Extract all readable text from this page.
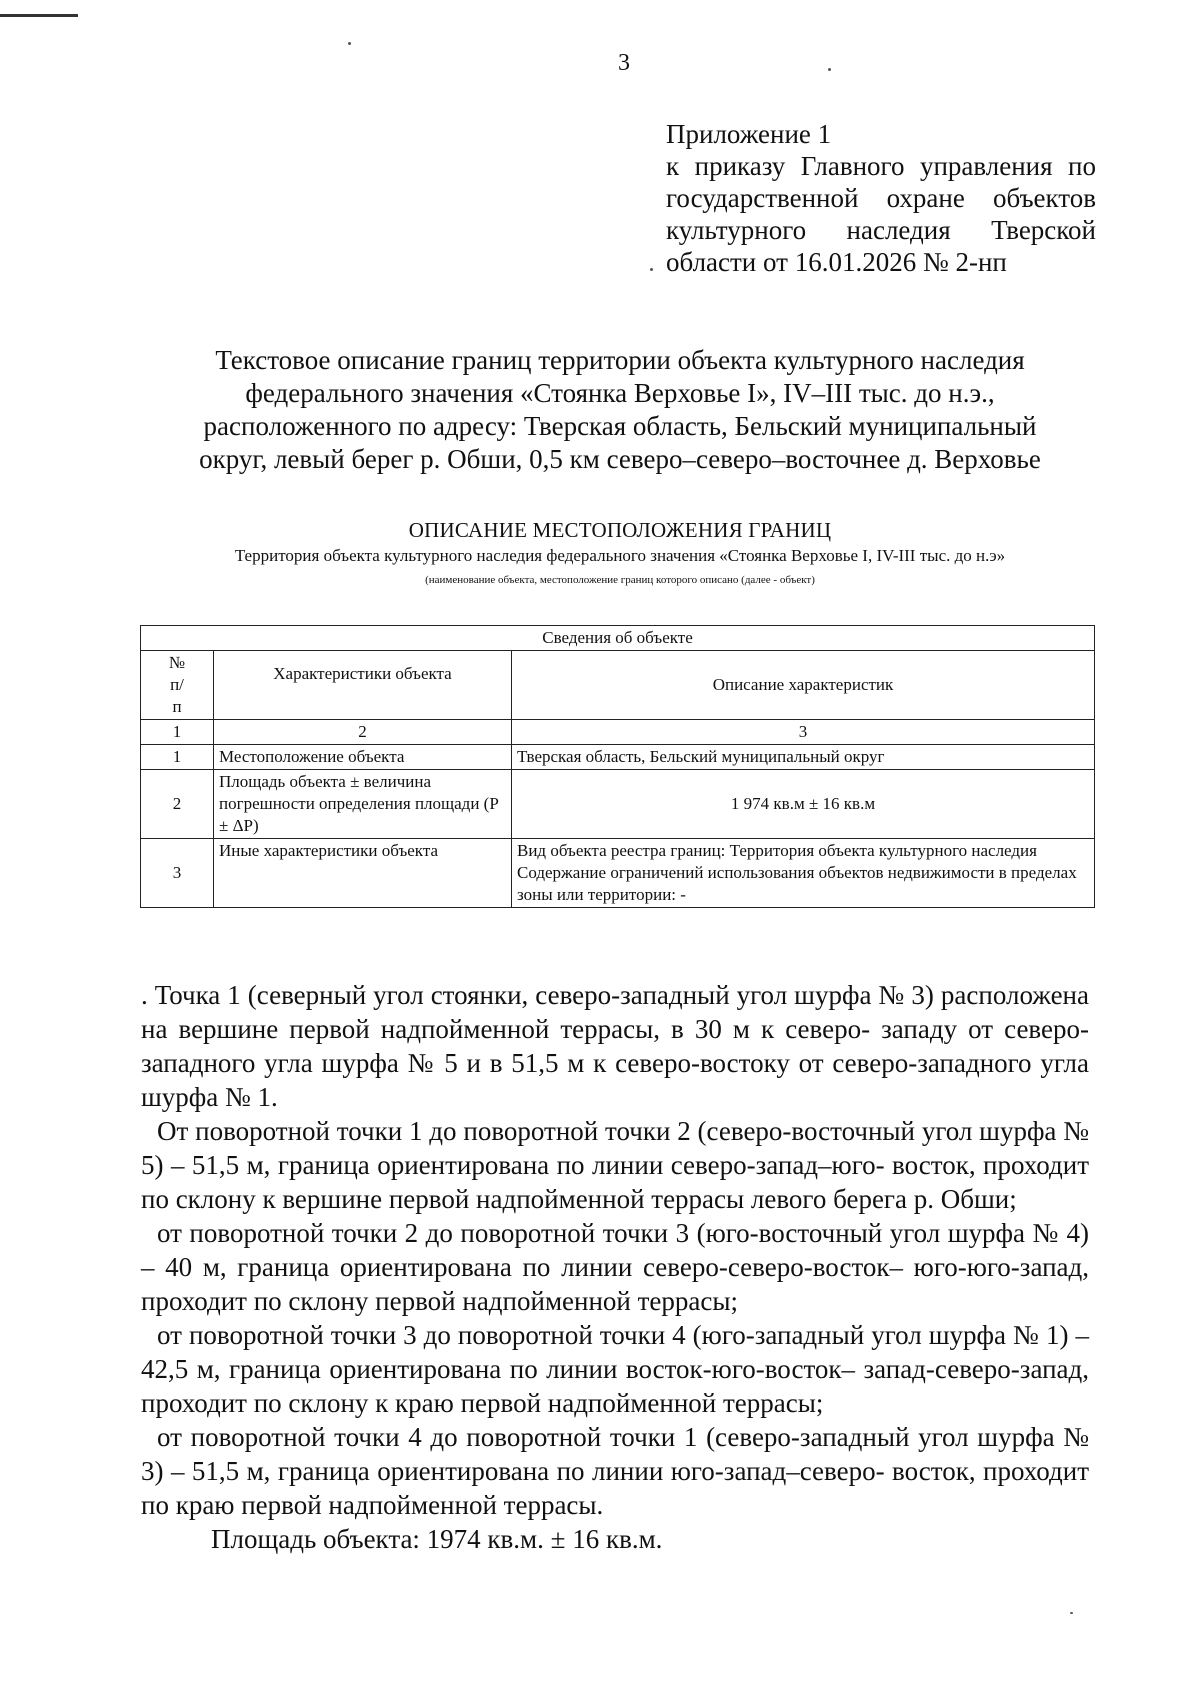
3
Приложение 1
к приказу Главного управления по
государственной охране объектов
культурного наследия Тверской
области от 16.01.2026 № 2-нп
Текстовое описание границ территории объекта культурного наследия
федерального значения «Стоянка Верховье I», IV–III тыс. до н.э.,
расположенного по адресу: Тверская область, Бельский муниципальный
округ, левый берег р. Обши, 0,5 км северо–северо–восточнее д. Верховье
ОПИСАНИЕ МЕСТОПОЛОЖЕНИЯ ГРАНИЦ
Территория объекта культурного наследия федерального значения «Стоянка Верховье I, IV-III тыс. до н.э»
(наименование объекта, местоположение границ которого описано (далее - объект)
Сведения об объекте		
№ п/ п	Характеристики объекта	Описание характеристик
1	2	3
1	Местоположение объекта	Тверская область, Бельский муниципальный округ
2	Площадь объекта ± величина погрешности определения площади (P ± ΔP)	1 974 кв.м ± 16 кв.м
3	Иные характеристики объекта	Вид объекта реестра границ: Территория объекта культурного наследия
Содержание ограничений использования объектов недвижимости в пределах зоны или территории: -

. Точка 1 (северный угол стоянки, северо-западный угол шурфа № 3) расположена на вершине первой надпойменной террасы, в 30 м к северо- западу от северо-западного угла шурфа № 5 и в 51,5 м к северо-востоку от северо-западного угла шурфа № 1.

От поворотной точки 1 до поворотной точки 2 (северо-восточный угол шурфа № 5) – 51,5 м, граница ориентирована по линии северо-запад–юго- восток, проходит по склону к вершине первой надпойменной террасы левого берега р. Обши;

от поворотной точки 2 до поворотной точки 3 (юго-восточный угол шурфа № 4) – 40 м, граница ориентирована по линии северо-северо-восток– юго-юго-запад, проходит по склону первой надпойменной террасы;

от поворотной точки 3 до поворотной точки 4 (юго-западный угол шурфа № 1) – 42,5 м, граница ориентирована по линии восток-юго-восток– запад-северо-запад, проходит по склону к краю первой надпойменной террасы;

от поворотной точки 4 до поворотной точки 1 (северо-западный угол шурфа № 3) – 51,5 м, граница ориентирована по линии юго-запад–северо- восток, проходит по краю первой надпойменной террасы.

Площадь объекта: 1974 кв.м. ± 16 кв.м.
